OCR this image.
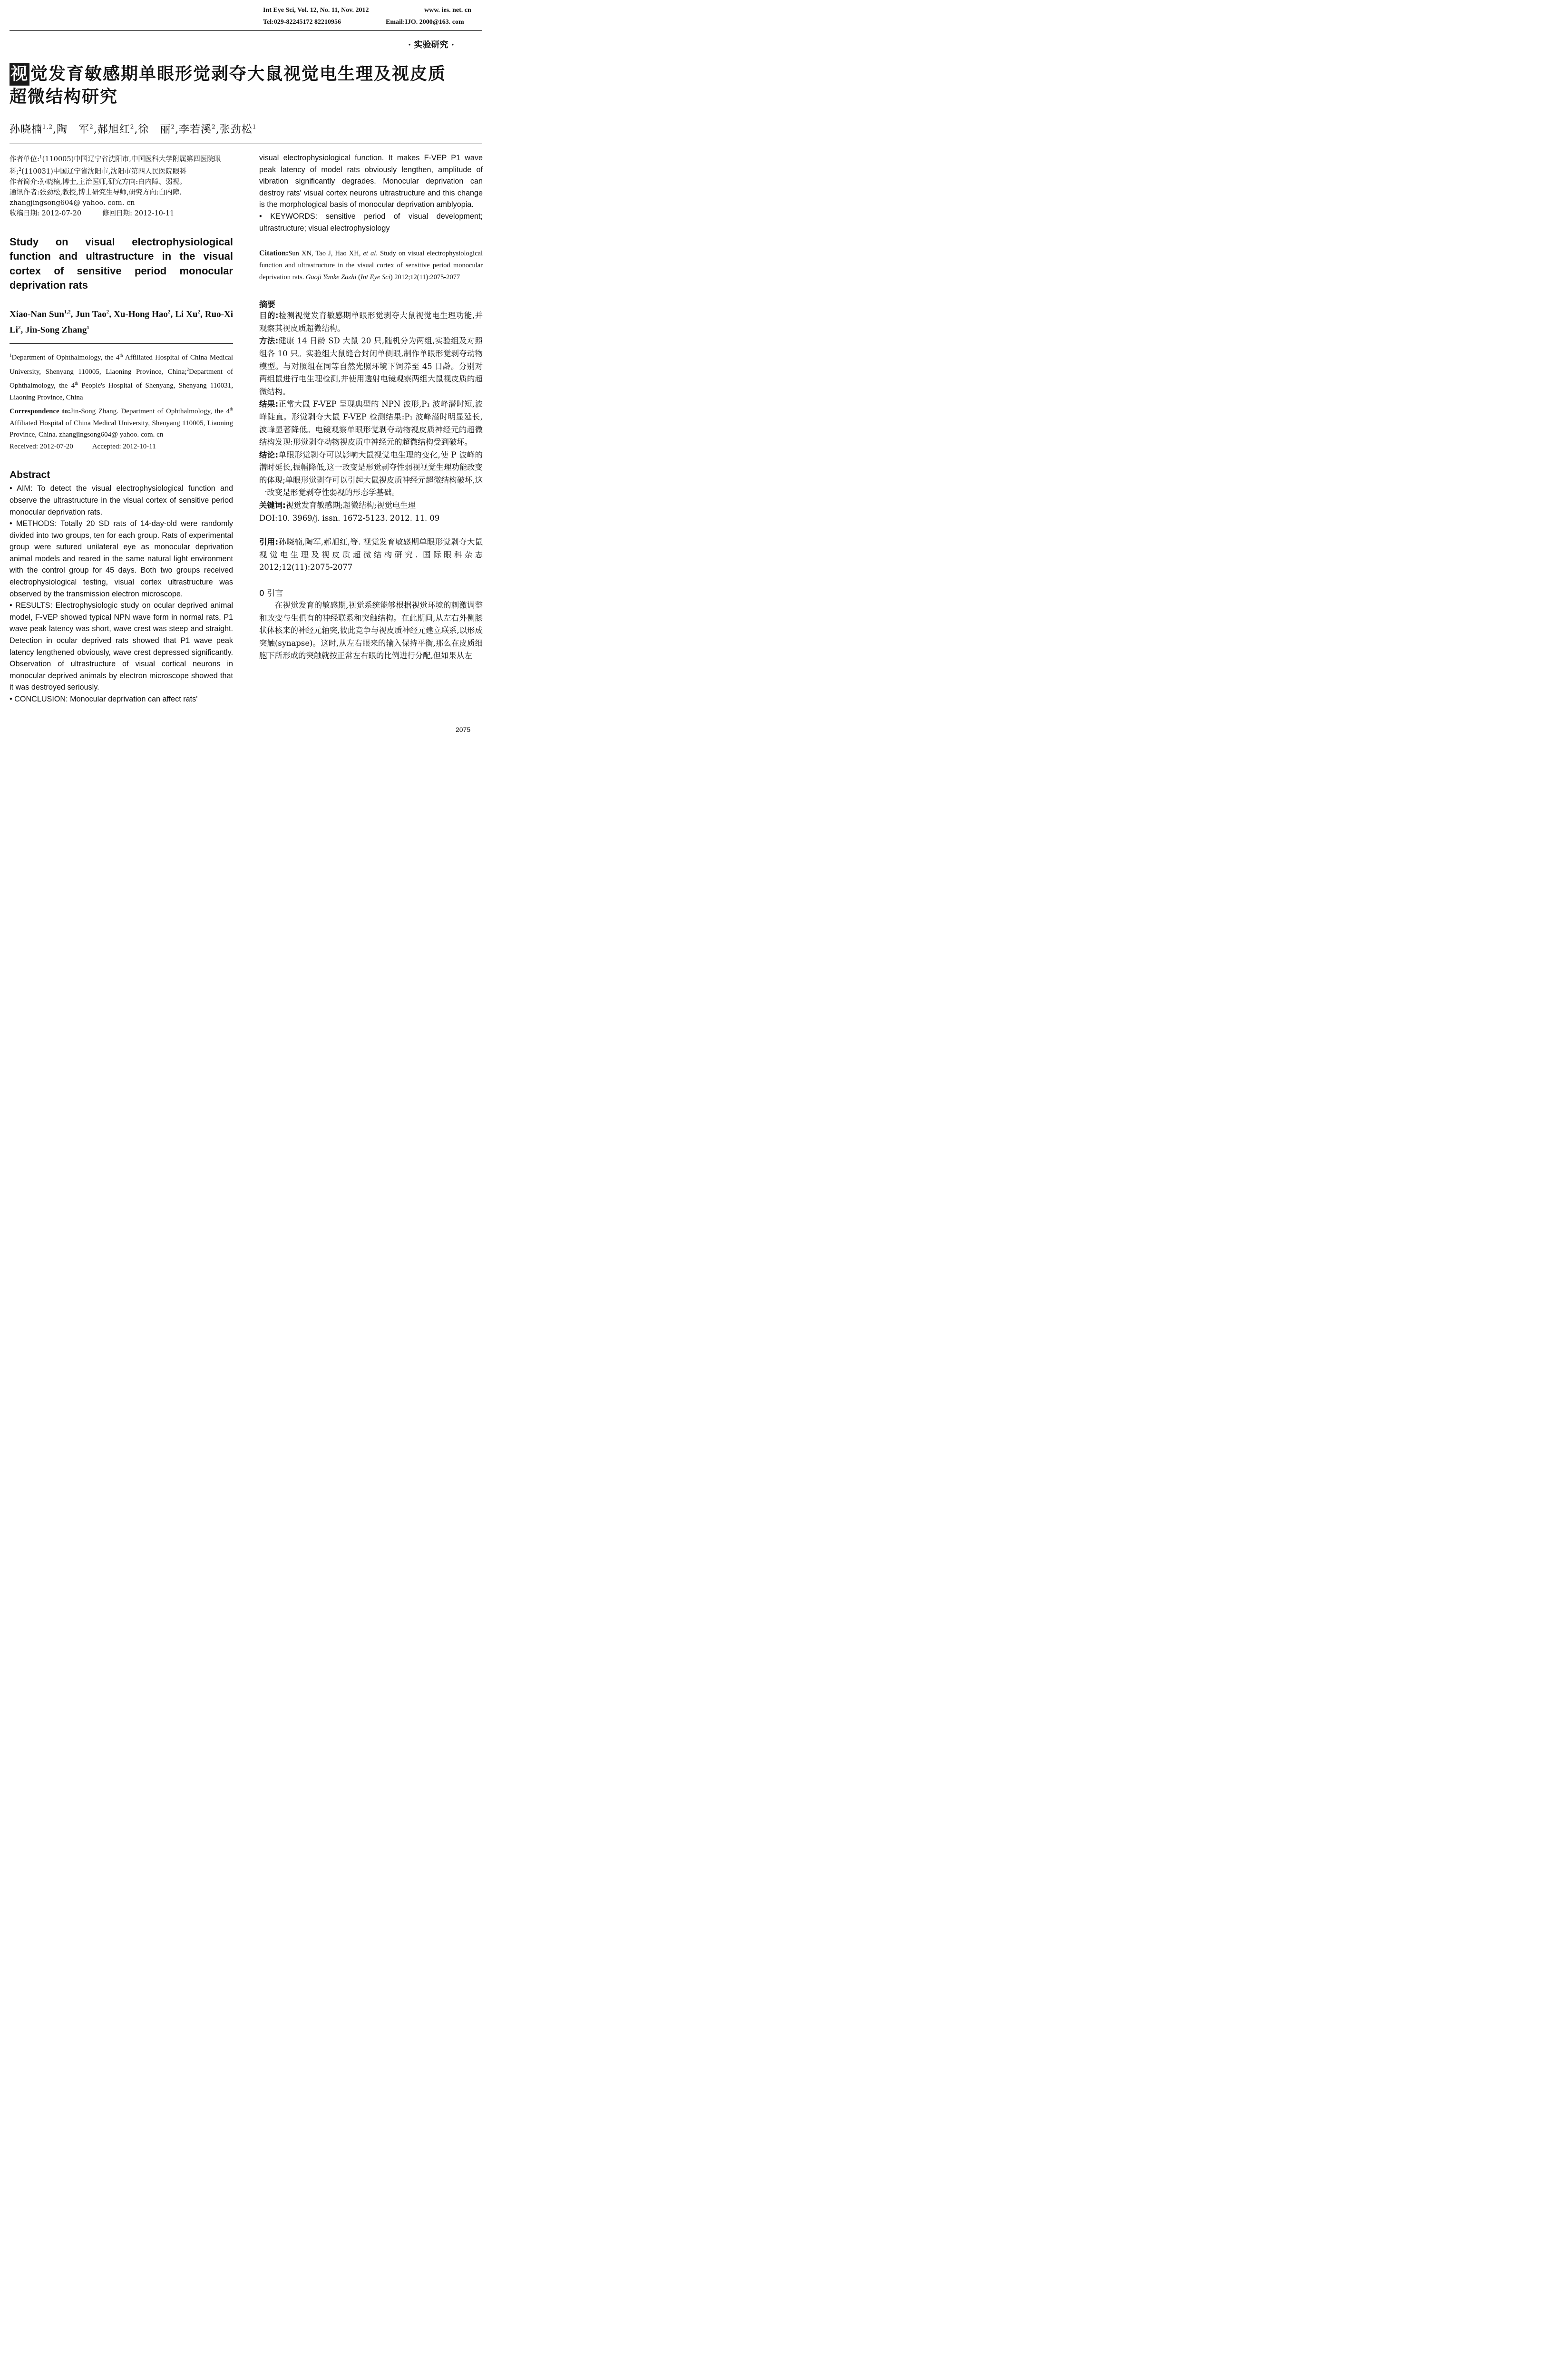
Int Eye Sci, Vol. 12, No. 11, Nov. 2012	www. ies. net. cn
Tel:029-82245172 82210956	Email:IJO. 2000@163. com
· 实验研究 ·
视 觉发育敏感期单眼形觉剥夺大鼠视觉电生理及视皮质
超微结构研究
孙晓楠$^{1,2}$,陶　军$^2$,郝旭红$^2$,徐　丽$^2$,李若溪$^2$,张劲松$^1$

作者单位:$^1$(110005)中国辽宁省沈阳市,中国医科大学附属第四医院眼科;$^2$(110031)中国辽宁省沈阳市,沈阳市第四人民医院眼科

作者简介:孙晓楠,博士,主治医师,研究方向:白内障、弱视。

通讯作者:张劲松,教授,博士研究生导师,研究方向:白内障.

zhangjingsong604@ yahoo. com. cn

收稿日期: 2012-07-20	修回日期: 2012-10-11

Study on visual electrophysiological function and ultrastructure in the visual cortex of sensitive period monocular deprivation rats
Xiao-Nan Sun$^{1,2}$, Jun Tao$^2$, Xu-Hong Hao$^2$, Li Xu$^2$, Ruo-Xi Li$^2$, Jin-Song Zhang$^1$
$^1$Department of Ophthalmology, the 4th Affiliated Hospital of China Medical University, Shenyang 110005, Liaoning Province, China;$^2$Department of Ophthalmology, the 4th People's Hospital of Shenyang, Shenyang 110031, Liaoning Province, China
Correspondence to:Jin-Song Zhang. Department of Ophthalmology, the 4th Affiliated Hospital of China Medical University, Shenyang 110005, Liaoning Province, China. zhangjingsong604@ yahoo. com. cn
Received: 2012-07-20	Accepted: 2012-10-11
Abstract

• AIM: To detect the visual electrophysiological function and observe the ultrastructure in the visual cortex of sensitive period monocular deprivation rats.

• METHODS: Totally 20 SD rats of 14-day-old were randomly divided into two groups, ten for each group. Rats of experimental group were sutured unilateral eye as monocular deprivation animal models and reared in the same natural light environment with the control group for 45 days. Both two groups received electrophysiological testing, visual cortex ultrastructure was observed by the transmission electron microscope.

• RESULTS: Electrophysiologic study on ocular deprived animal model, F-VEP showed typical NPN wave form in normal rats, P1 wave peak latency was short, wave crest was steep and straight. Detection in ocular deprived rats showed that P1 wave peak latency lengthened obviously, wave crest depressed significantly. Observation of ultrastructure of visual cortical neurons in monocular deprived animals by electron microscope showed that it was destroyed seriously.

• CONCLUSION: Monocular deprivation can affect rats'

visual electrophysiological function. It makes F-VEP P1 wave peak latency of model rats obviously lengthen, amplitude of vibration significantly degrades. Monocular deprivation can destroy rats' visual cortex neurons ultrastructure and this change is the morphological basis of monocular deprivation amblyopia.

• KEYWORDS: sensitive period of visual development; ultrastructure; visual electrophysiology

Citation:Sun XN, Tao J, Hao XH, et al. Study on visual electrophysiological function and ultrastructure in the visual cortex of sensitive period monocular deprivation rats. Guoji Yanke Zazhi (Int Eye Sci) 2012;12(11):2075-2077
摘要

目的:检测视觉发育敏感期单眼形觉剥夺大鼠视觉电生理功能,并观察其视皮质超微结构。

方法:健康 14 日龄 SD 大鼠 20 只,随机分为两组,实验组及对照组各 10 只。实验组大鼠缝合封闭单侧眼,制作单眼形觉剥夺动物模型。与对照组在同等自然光照环境下饲养至 45 日龄。分别对两组鼠进行电生理检测,并使用透射电镜观察两组大鼠视皮质的超微结构。

结果:正常大鼠 F-VEP 呈现典型的 NPN 波形,P₁ 波峰潜时短,波峰陡直。形觉剥夺大鼠 F-VEP 检测结果:P₁ 波峰潜时明显延长,波峰显著降低。电镜观察单眼形觉剥夺动物视皮质神经元的超微结构发现:形觉剥夺动物视皮质中神经元的超微结构受到破坏。

结论:单眼形觉剥夺可以影响大鼠视觉电生理的变化,使 P 波峰的潜时延长,振幅降低,这一改变是形觉剥夺性弱视视觉生理功能改变的体现;单眼形觉剥夺可以引起大鼠视皮质神经元超微结构破坏,这一改变是形觉剥夺性弱视的形态学基础。

关键词:视觉发育敏感期;超微结构;视觉电生理

DOI:10. 3969/j. issn. 1672-5123. 2012. 11. 09

引用:孙晓楠,陶军,郝旭红,等. 视觉发育敏感期单眼形觉剥夺大鼠视觉电生理及视皮质超微结构研究. 国际眼科杂志 2012;12(11):2075-2077

0 引言

在视觉发育的敏感期,视觉系统能够根据视觉环境的刺激调整和改变与生俱有的神经联系和突触结构。在此期间,从左右外侧膝状体核来的神经元轴突,彼此竞争与视皮质神经元建立联系,以形成突触(synapse)。这时,从左右眼来的输入保持平衡,那么在皮质细胞下所形成的突触就按正常左右眼的比例进行分配,但如果从左

2075
